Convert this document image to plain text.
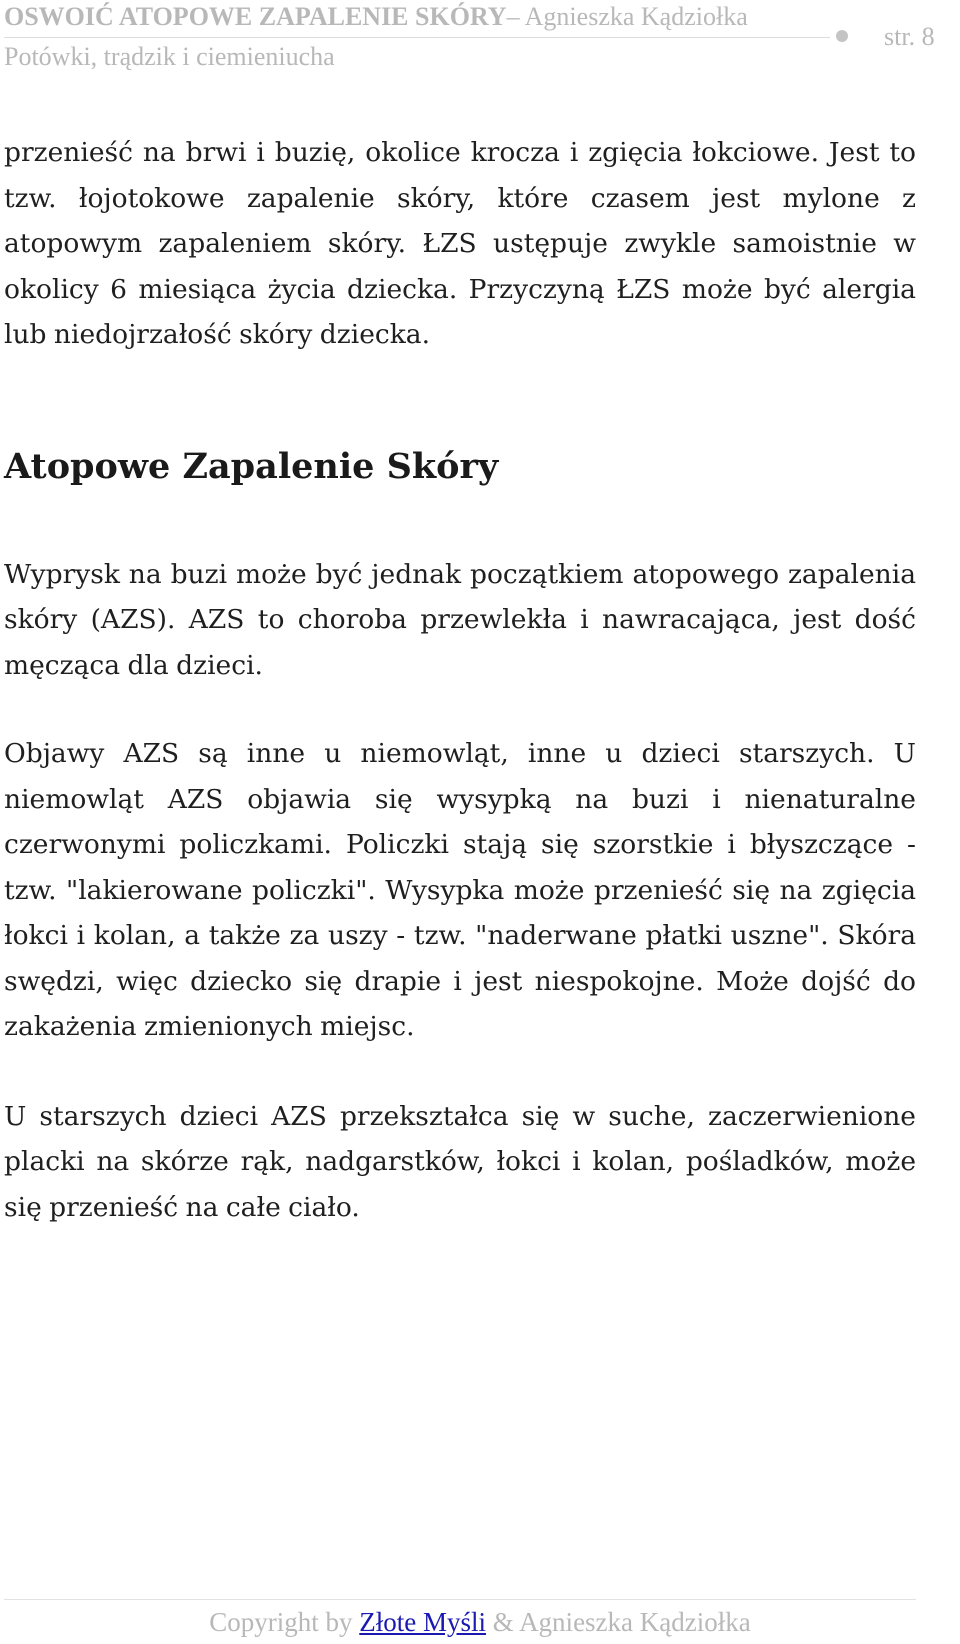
OSWOIĆ ATOPOWE ZAPALENIE SKÓRY– Agnieszka Kądziołka
Potówki, trądzik i ciemieniucha
str. 8

przenieść na brwi i buzię, okolice krocza i zgięcia łokciowe. Jest to tzw. łojotokowe zapalenie skóry, które czasem jest mylone z atopowym zapaleniem skóry. ŁZS ustępuje zwykle samoistnie w okolicy 6 miesiąca życia dziecka. Przyczyną ŁZS może być alergia lub niedojrzałość skóry dziecka.

Atopowe Zapalenie Skóry

Wyprysk na buzi może być jednak początkiem atopowego zapalenia skóry (AZS). AZS to choroba przewlekła i nawracająca, jest dość męcząca dla dzieci.

Objawy AZS są inne u niemowląt, inne u dzieci starszych. U niemowląt AZS objawia się wysypką na buzi i nienaturalne czerwonymi policzkami. Policzki stają się szorstkie i błyszczące - tzw. "lakierowane policzki". Wysypka może przenieść się na zgięcia łokci i kolan, a także za uszy - tzw. "naderwane płatki uszne". Skóra swędzi, więc dziecko się drapie i jest niespokojne. Może dojść do zakażenia zmienionych miejsc.

U starszych dzieci AZS przekształca się w suche, zaczerwienione placki na skórze rąk, nadgarstków, łokci i kolan, pośladków, może się przenieść na całe ciało.

Copyright by Złote Myśli & Agnieszka Kądziołka
